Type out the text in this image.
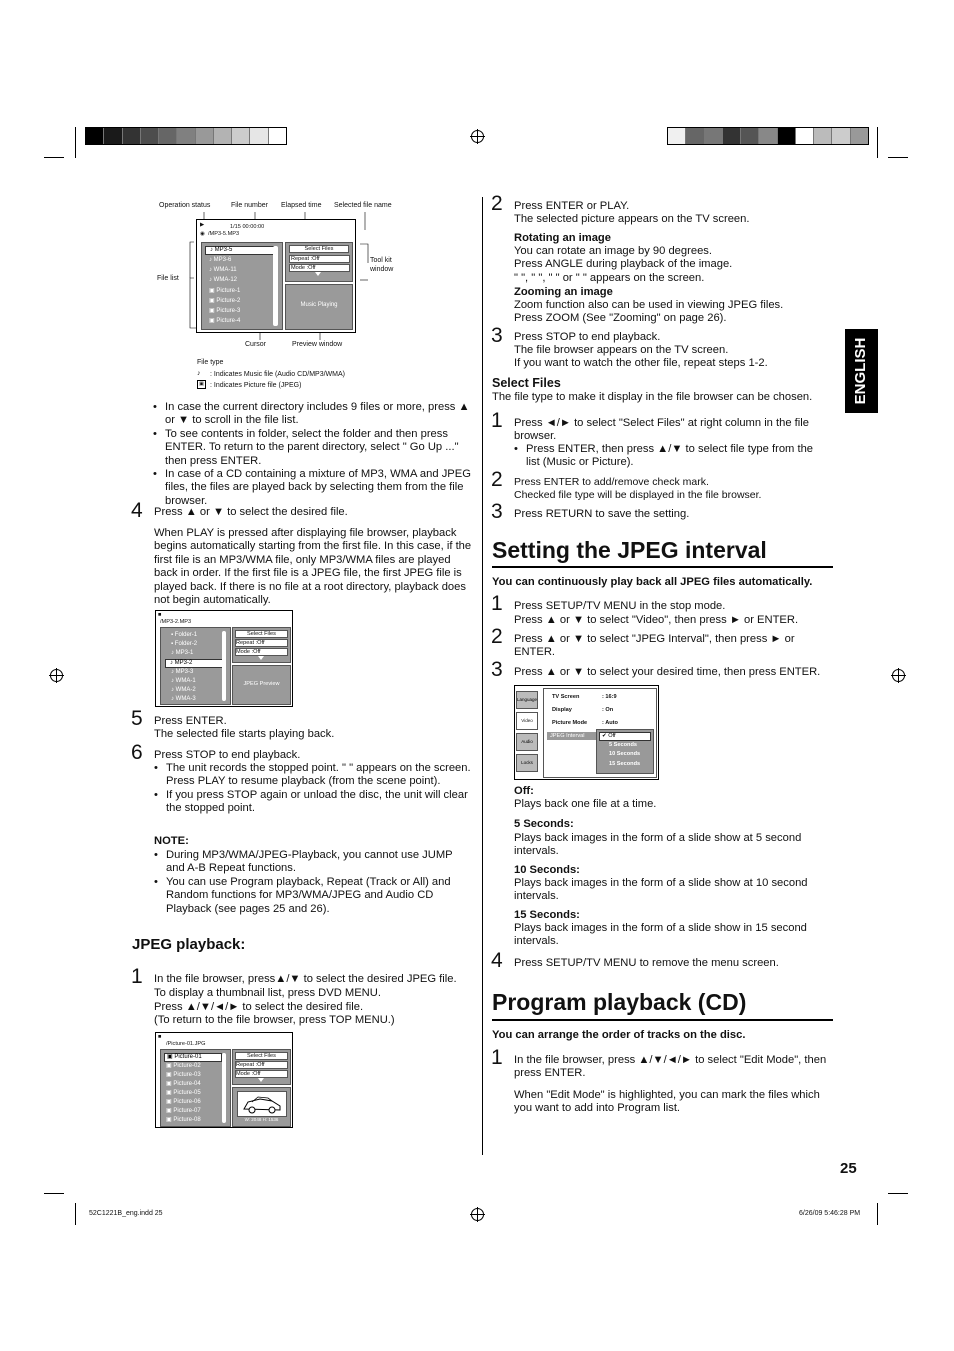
Operation status	File number Elapsed time Selected file name
File list
Tool kit window
Cursor	Preview window
▶	1/15 00:00:00
◉ /MP3-5.MP3
♪ MP3-5
♪ MP3-6
♪ WMA-11
♪ WMA-12
▣ Picture-1
▣ Picture-2
▣ Picture-3
▣ Picture-4
Select Files
Repeat :Off
Mode :Off
Music Playing
File type
♪ : Indicates Music file (Audio CD/MP3/WMA)
▣ : Indicates Picture file (JPEG)
• In case the current directory includes 9 files or more, press ▲ or ▼ to scroll in the file list.
• To see contents in folder, select the folder and then press ENTER. To return to the parent directory, select " Go Up ..." then press ENTER.
• In case of a CD containing a mixture of MP3, WMA and JPEG files, the files are played back by selecting them from the file browser.
4 Press ▲ or ▼ to select the desired file.
When PLAY is pressed after displaying file browser, playback begins automatically starting from the first file. In this case, if the first file is an MP3/WMA file, only MP3/WMA files are played back in order. If the first file is a JPEG file, the first JPEG file is played back. If there is no file at a root directory, playback does not begin automatically.
■
/MP3-2.MP3
▪ Folder-1
▪ Folder-2
♪ MP3-1
♪ MP3-2
♪ MP3-3
♪ WMA-1
♪ WMA-2
♪ WMA-3
Select Files
Repeat :Off
Mode :Off
JPEG Preview
5 Press ENTER.
The selected file starts playing back.
6 Press STOP to end playback.
• The unit records the stopped point. " " appears on the screen. Press PLAY to resume playback (from the scene point).
• If you press STOP again or unload the disc, the unit will clear the stopped point.
NOTE:
• During MP3/WMA/JPEG-Playback, you cannot use JUMP and A-B Repeat functions.
• You can use Program playback, Repeat (Track or All) and Random functions for MP3/WMA/JPEG and Audio CD Playback (see pages 25 and 26).
JPEG playback:
1 In the file browser, press▲/▼ to select the desired JPEG file.
To display a thumbnail list, press DVD MENU.
Press ▲/▼/◄/► to select the desired file.
(To return to the file browser, press TOP MENU.)
■
/Picture-01.JPG
▣ Picture-01
▣ Picture-02
▣ Picture-03
▣ Picture-04
▣ Picture-05
▣ Picture-06
▣ Picture-07
▣ Picture-08
Select Files
Repeat :Off
Mode :Off
W: 2048 H: 1536
2 Press ENTER or PLAY.
The selected picture appears on the TV screen.
Rotating an image
You can rotate an image by 90 degrees.
Press ANGLE during playback of the image.
" ", " ", " " or " " appears on the screen.
Zooming an image
Zoom function also can be used in viewing JPEG files.
Press ZOOM (See "Zooming" on page 26).
3 Press STOP to end playback.
The file browser appears on the TV screen.
If you want to watch the other file, repeat steps 1-2.
Select Files
The file type to make it display in the file browser can be chosen.
1 Press ◄/► to select "Select Files" at right column in the file browser.
• Press ENTER, then press ▲/▼ to select file type from the list (Music or Picture).
2 Press ENTER to add/remove check mark.
Checked file type will be displayed in the file browser.
3 Press RETURN to save the setting.
ENGLISH
Setting the JPEG interval
You can continuously play back all JPEG files automatically.
1 Press SETUP/TV MENU in the stop mode.
Press ▲ or ▼ to select "Video", then press ► or ENTER.
2 Press ▲ or ▼ to select "JPEG Interval", then press ► or ENTER.
3 Press ▲ or ▼ to select your desired time, then press ENTER.
Language
Video
Audio
Locks
TV Screen	: 16:9
Display	: On
Picture Mode	: Auto
JPEG Interval	✔ Off
5 Seconds
10 Seconds
15 Seconds
Off:
Plays back one file at a time.
5 Seconds:
Plays back images in the form of a slide show at 5 second intervals.
10 Seconds:
Plays back images in the form of a slide show at 10 second intervals.
15 Seconds:
Plays back images in the form of a slide show in 15 second intervals.
4 Press SETUP/TV MENU to remove the menu screen.
Program playback (CD)
You can arrange the order of tracks on the disc.
1 In the file browser, press ▲/▼/◄/► to select "Edit Mode", then press ENTER.
When "Edit Mode" is highlighted, you can mark the files which you want to add into Program list.
25
52C1221B_eng.indd 25	6/26/09 5:46:28 PM
